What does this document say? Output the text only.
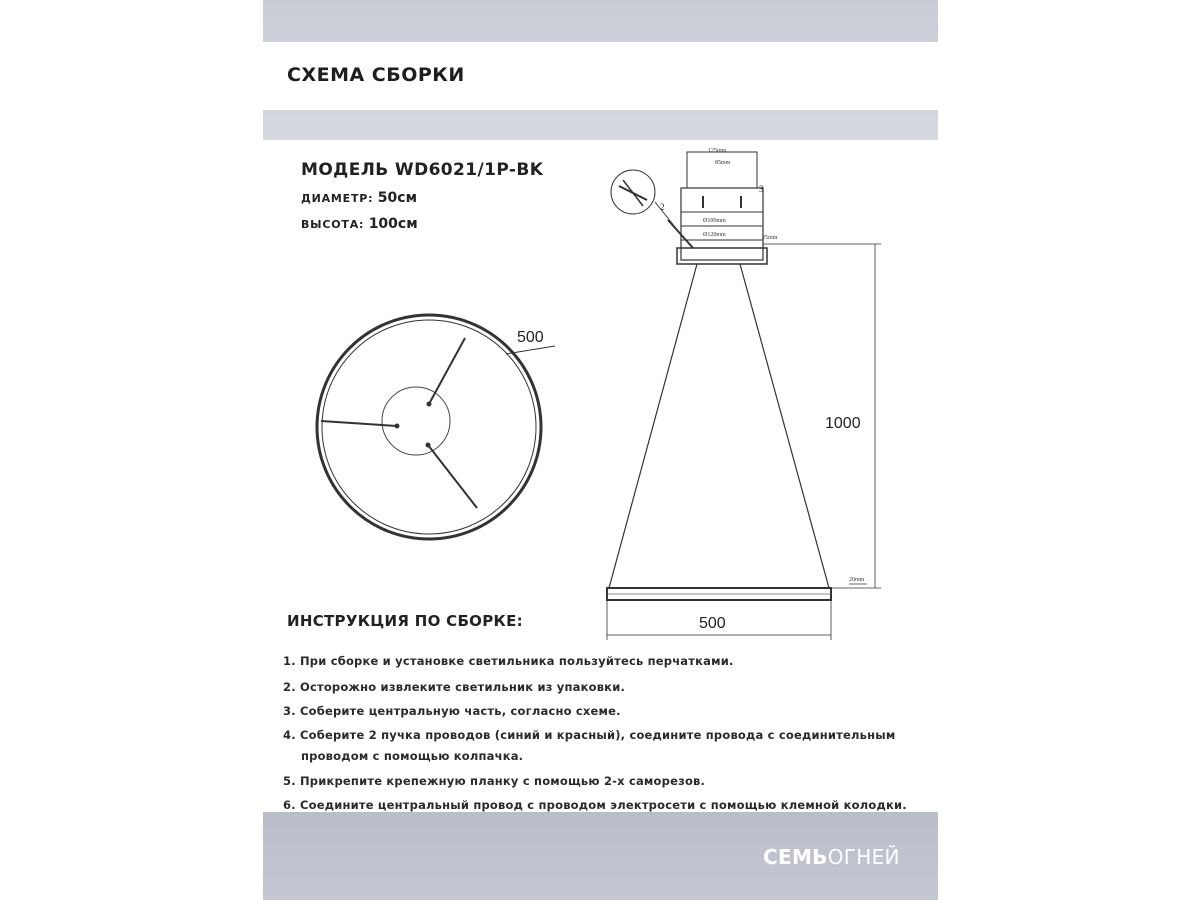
СХЕМА СБОРКИ
МОДЕЛЬ WD6021/1P-BK
ДИАМЕТР: 50см
ВЫСОТА: 100см
500
125mm
85mm
Ø100mm
Ø120mm
3
2
1000
25mm
20mm
500
ИНСТРУКЦИЯ ПО СБОРКЕ:
1. При сборке и установке светильника пользуйтесь перчатками.
2. Осторожно извлеките светильник из упаковки.
3. Соберите центральную часть, согласно схеме.
4. Соберите 2 пучка проводов (синий и красный), соедините провода с соединительным
проводом с помощью колпачка.
5. Прикрепите крепежную планку с помощью 2-х саморезов.
6. Соедините центральный провод с проводом электросети с помощью клемной колодки.
СЕМЬОГНЕЙ
